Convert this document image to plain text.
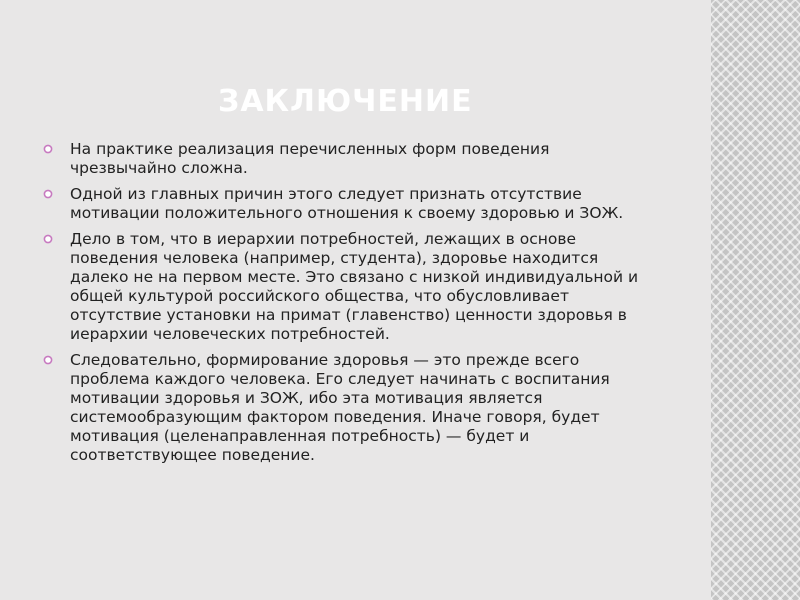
ЗАКЛЮЧЕНИЕ
На практике реализация перечисленных форм поведения чрезвычайно сложна.
Одной из главных причин этого следует признать отсутствие мотивации положительного отношения к своему здоровью и ЗОЖ.
Дело в том, что в иерархии потребностей, лежащих в основе поведения человека (например, студента), здоровье находится далеко не на первом месте. Это связано с низкой индивидуальной и общей культурой российского общества, что обусловливает отсутствие установки на примат (главенство) ценности здоровья в иерархии человеческих потребностей.
Следовательно, формирование здоровья — это прежде всего проблема каждого человека. Его следует начинать с воспитания мотивации здоровья и ЗОЖ, ибо эта мотивация является системообразующим фактором поведения. Иначе говоря, будет мотивация (целенаправленная потребность) — будет и соответствующее поведение.
